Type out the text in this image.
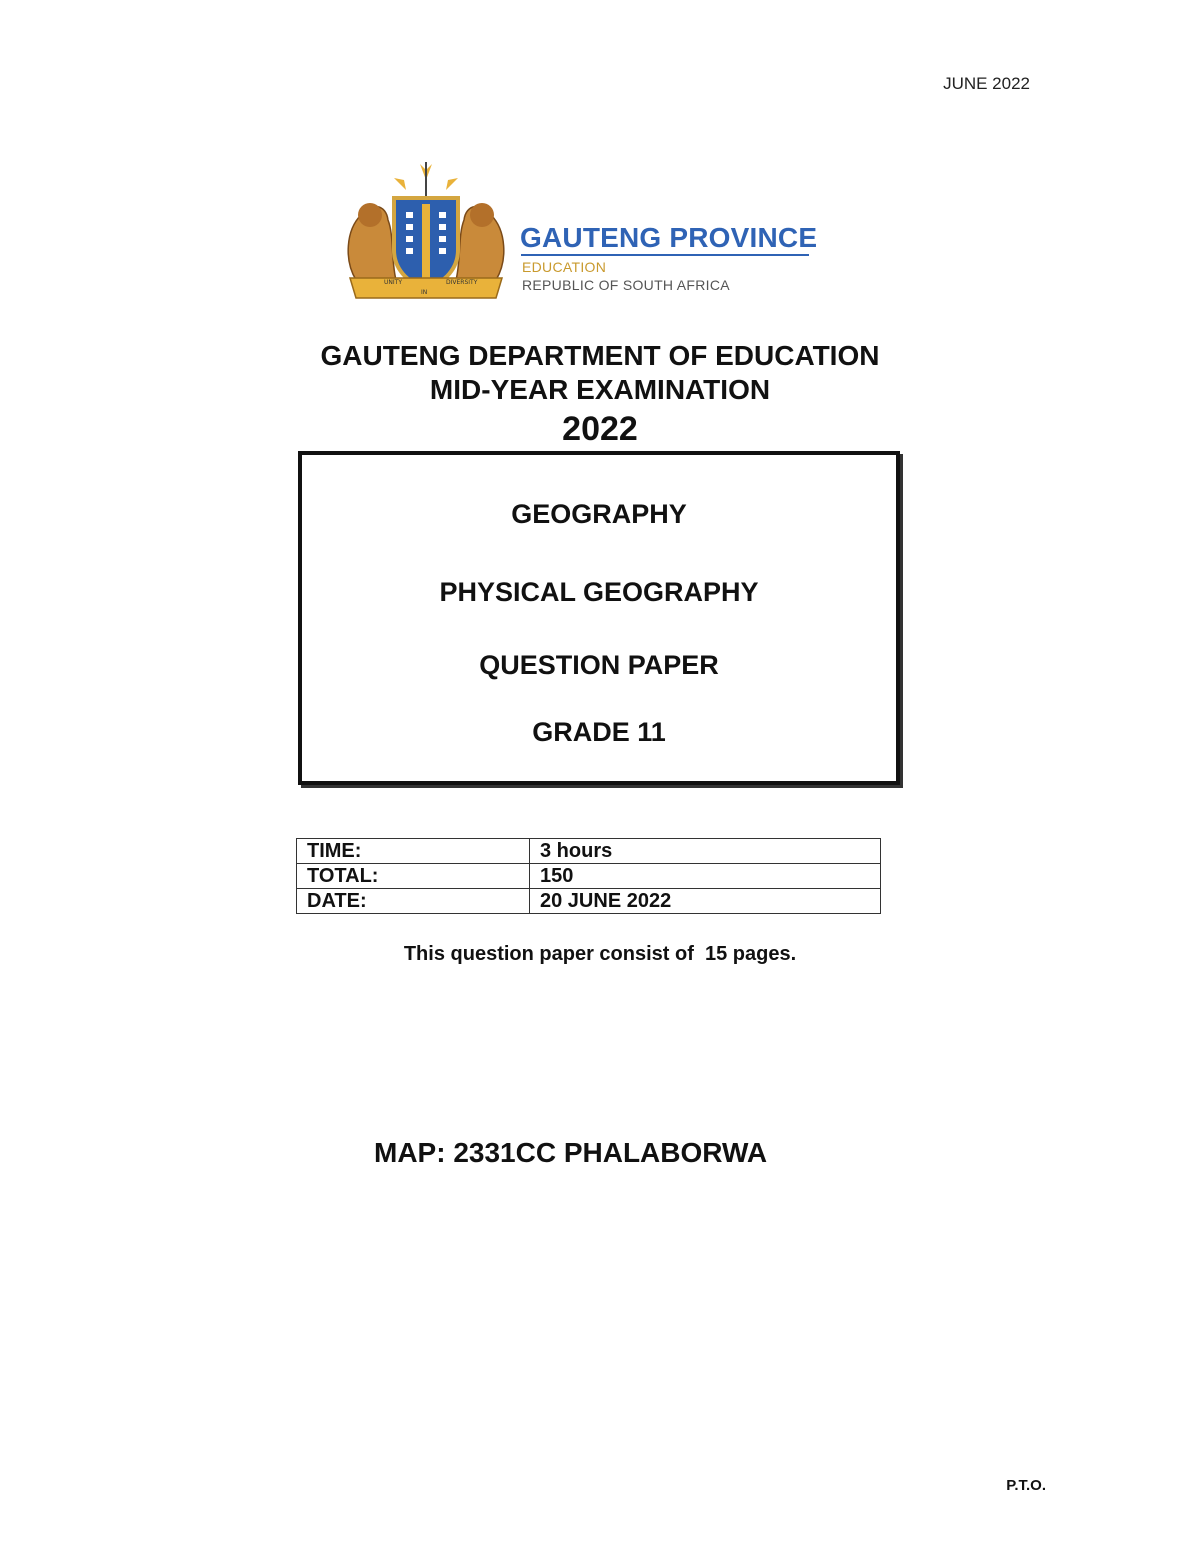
JUNE 2022
UNITY
IN
DIVERSITY
GAUTENG PROVINCE
EDUCATION
REPUBLIC OF SOUTH AFRICA
GAUTENG DEPARTMENT OF EDUCATION
MID-YEAR EXAMINATION
2022
GEOGRAPHY
PHYSICAL GEOGRAPHY
QUESTION PAPER
GRADE 11
TIME:	3 hours
TOTAL:	150
DATE:	20 JUNE 2022
This question paper consist of  15 pages.
MAP: 2331CC PHALABORWA
P.T.O.
